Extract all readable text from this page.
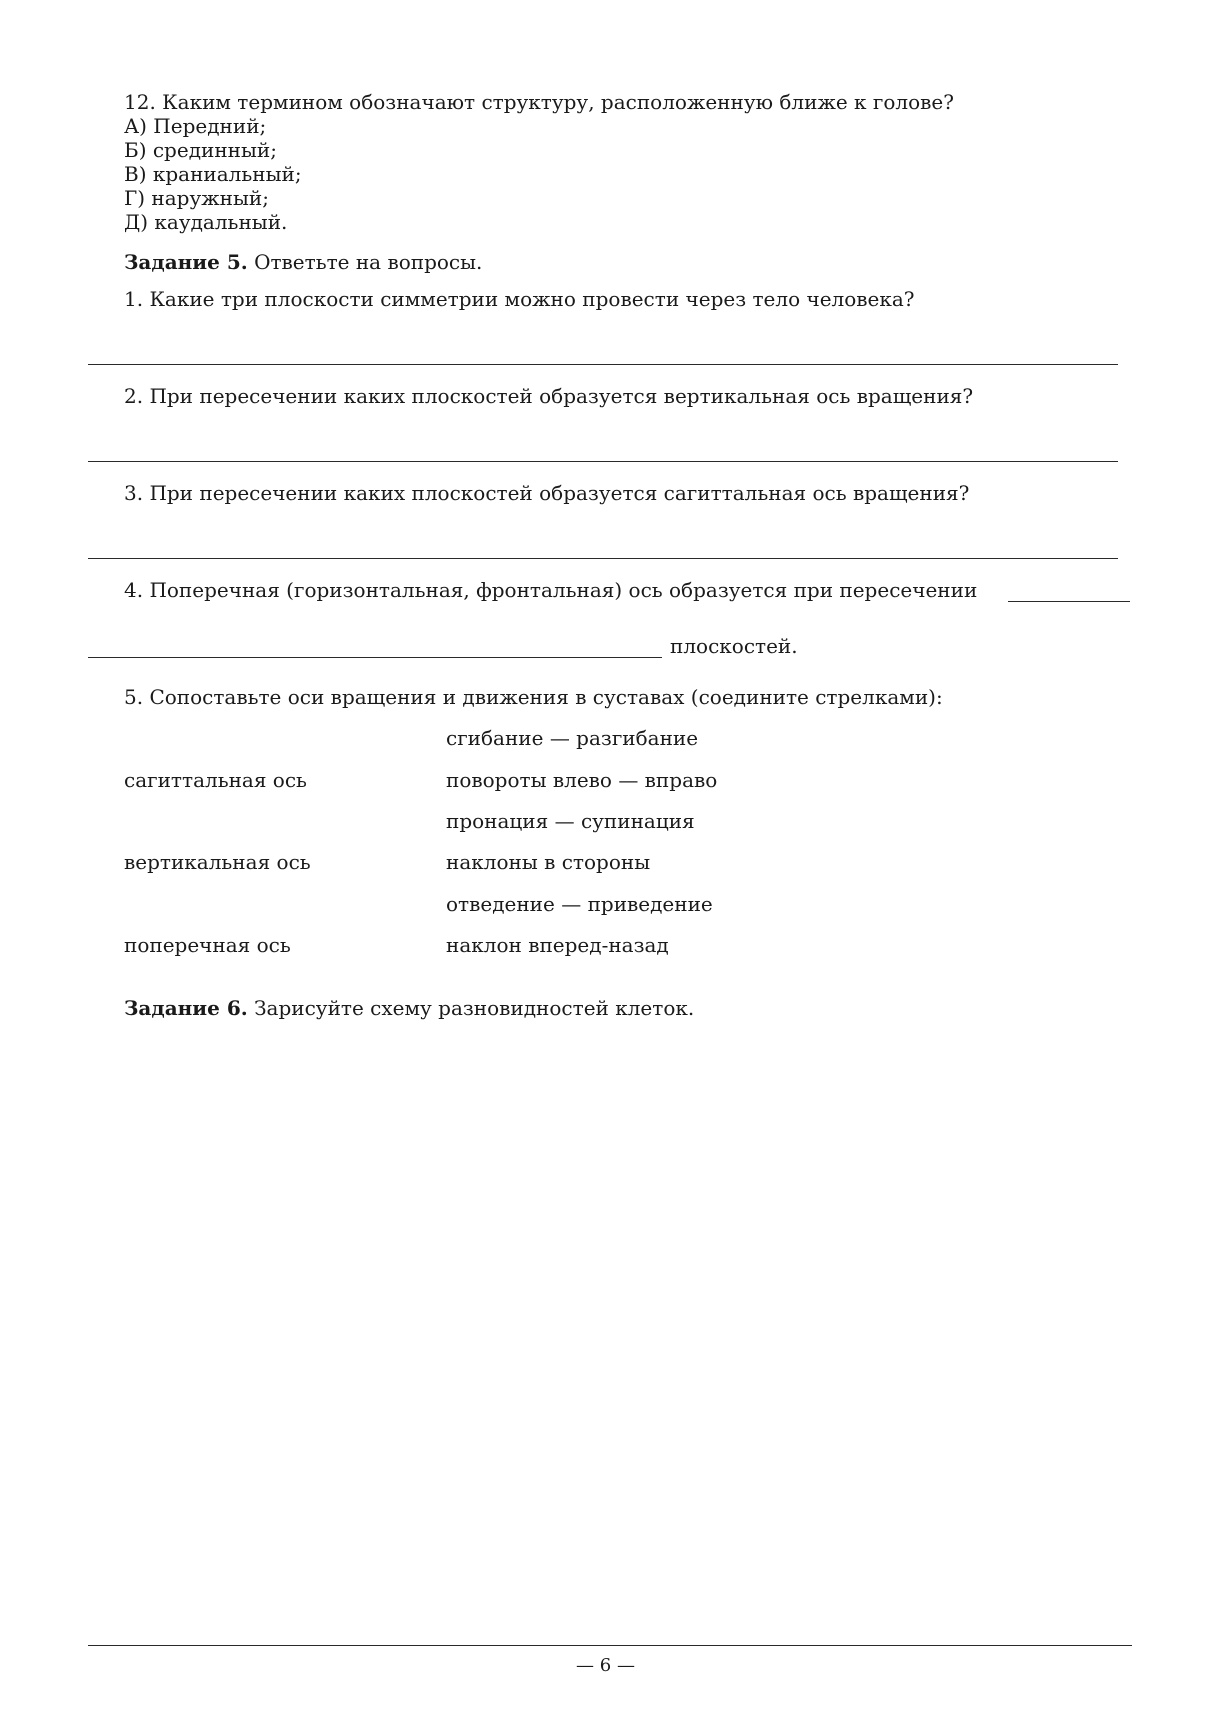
12. Каким термином обозначают структуру, расположенную ближе к голове?
А) Передний;
Б) срединный;
В) краниальный;
Г) наружный;
Д) каудальный.
Задание 5. Ответьте на вопросы.
1. Какие три плоскости симметрии можно провести через тело человека?
2. При пересечении каких плоскостей образуется вертикальная ось вращения?
3. При пересечении каких плоскостей образуется сагиттальная ось вращения?
4. Поперечная (горизонтальная, фронтальная) ось образуется при пересечении
плоскостей.
5. Сопоставьте оси вращения и движения в суставах (соедините стрелками):
сгибание — разгибание
сагиттальная ось	повороты влево — вправо
пронация — супинация
вертикальная ось	наклоны в стороны
отведение — приведение
поперечная ось	наклон вперед-назад
Задание 6. Зарисуйте схему разновидностей клеток.
— 6 —
